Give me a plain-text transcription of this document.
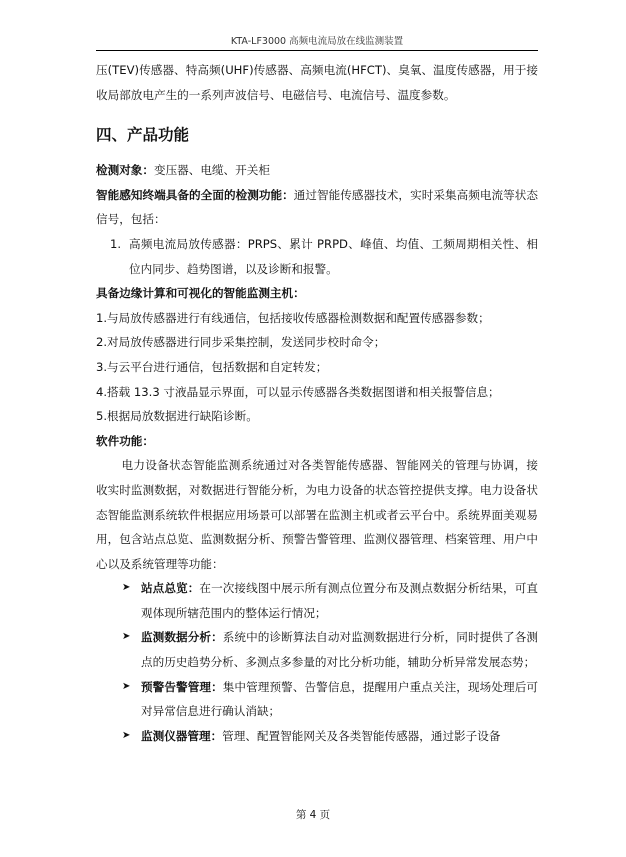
KTA-LF3000 高频电流局放在线监测装置

压(TEV)传感器、特高频(UHF)传感器、高频电流(HFCT)、臭氧、温度传感器，用于接收局部放电产生的一系列声波信号、电磁信号、电流信号、温度参数。

四、产品功能

检测对象：变压器、电缆、开关柜

智能感知终端具备的全面的检测功能：通过智能传感器技术，实时采集高频电流等状态信号，包括：

1. 高频电流局放传感器：PRPS、累计 PRPD、峰值、均值、工频周期相关性、相位内同步、趋势图谱，以及诊断和报警。

具备边缘计算和可视化的智能监测主机：

1.与局放传感器进行有线通信，包括接收传感器检测数据和配置传感器参数；

2.对局放传感器进行同步采集控制，发送同步校时命令；

3.与云平台进行通信，包括数据和自定转发；

4.搭载 13.3 寸液晶显示界面，可以显示传感器各类数据图谱和相关报警信息；

5.根据局放数据进行缺陷诊断。

软件功能：

电力设备状态智能监测系统通过对各类智能传感器、智能网关的管理与协调，接收实时监测数据，对数据进行智能分析，为电力设备的状态管控提供支撑。电力设备状态智能监测系统软件根据应用场景可以部署在监测主机或者云平台中。系统界面美观易用，包含站点总览、监测数据分析、预警告警管理、监测仪器管理、档案管理、用户中心以及系统管理等功能：

➤ 站点总览：在一次接线图中展示所有测点位置分布及测点数据分析结果，可直观体现所辖范围内的整体运行情况；

➤ 监测数据分析：系统中的诊断算法自动对监测数据进行分析，同时提供了各测点的历史趋势分析、多测点多参量的对比分析功能，辅助分析异常发展态势；

➤ 预警告警管理：集中管理预警、告警信息，提醒用户重点关注，现场处理后可对异常信息进行确认消缺；

➤ 监测仪器管理：管理、配置智能网关及各类智能传感器，通过影子设备

第 4 页
